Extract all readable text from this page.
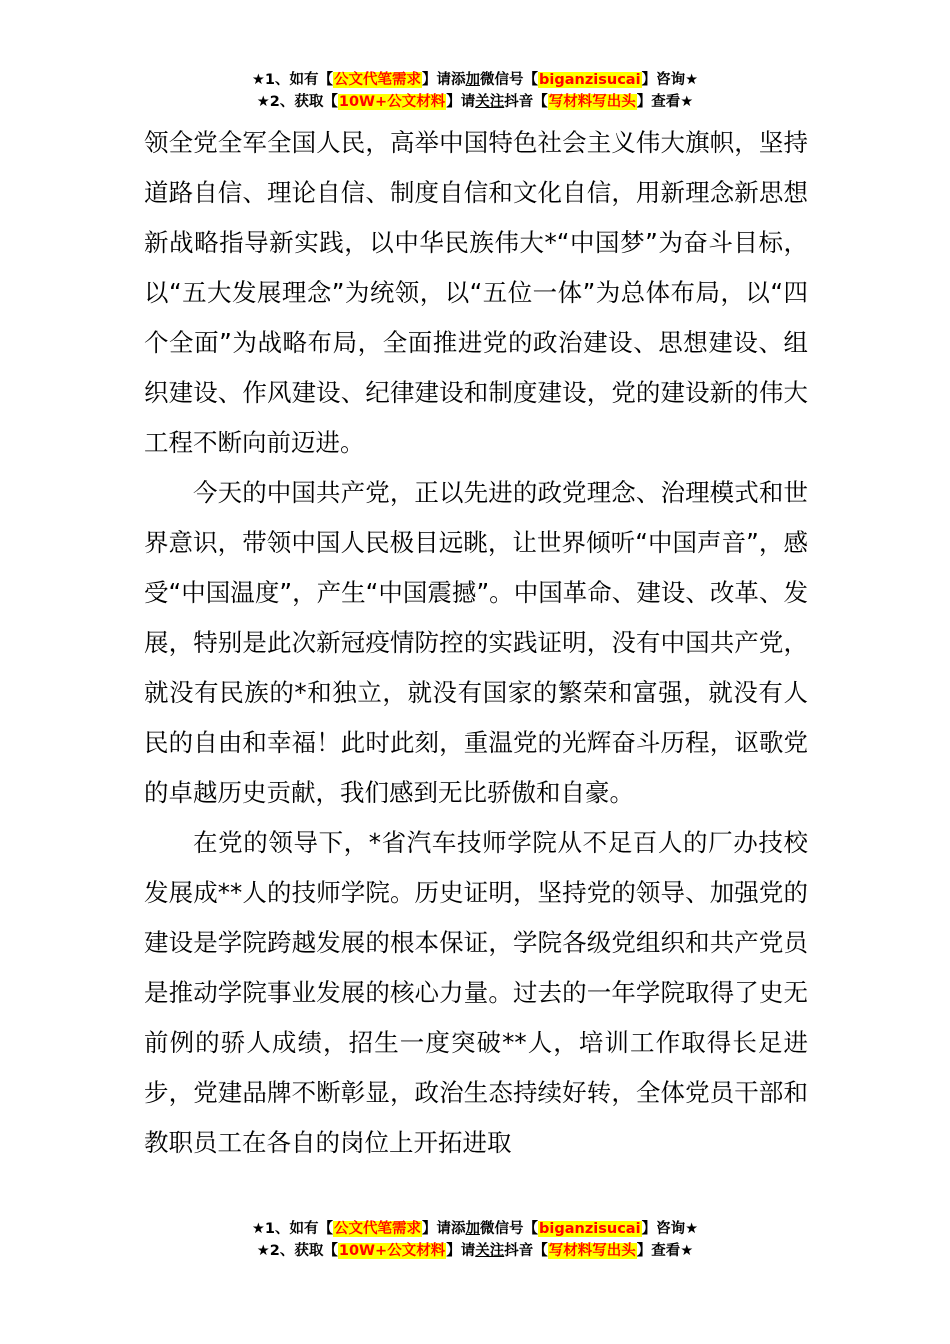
★1、如有【公文代笔需求】请添加微信号【biganzisucai】咨询★
★2、获取【10W+公文材料】请关注抖音【写材料写出头】查看★

领全党全军全国人民，高举中国特色社会主义伟大旗帜，坚持道路自信、理论自信、制度自信和文化自信，用新理念新思想新战略指导新实践，以中华民族伟大*“中国梦”为奋斗目标，以“五大发展理念”为统领，以“五位一体”为总体布局，以“四个全面”为战略布局，全面推进党的政治建设、思想建设、组织建设、作风建设、纪律建设和制度建设，党的建设新的伟大工程不断向前迈进。

今天的中国共产党，正以先进的政党理念、治理模式和世界意识，带领中国人民极目远眺，让世界倾听“中国声音”，感受“中国温度”，产生“中国震撼”。中国革命、建设、改革、发展，特别是此次新冠疫情防控的实践证明，没有中国共产党，就没有民族的*和独立，就没有国家的繁荣和富强，就没有人民的自由和幸福！此时此刻，重温党的光辉奋斗历程，讴歌党的卓越历史贡献，我们感到无比骄傲和自豪。

在党的领导下，*省汽车技师学院从不足百人的厂办技校发展成**人的技师学院。历史证明，坚持党的领导、加强党的建设是学院跨越发展的根本保证，学院各级党组织和共产党员是推动学院事业发展的核心力量。过去的一年学院取得了史无前例的骄人成绩，招生一度突破**人，培训工作取得长足进步，党建品牌不断彰显，政治生态持续好转，全体党员干部和教职员工在各自的岗位上开拓进取

★1、如有【公文代笔需求】请添加微信号【biganzisucai】咨询★
★2、获取【10W+公文材料】请关注抖音【写材料写出头】查看★
